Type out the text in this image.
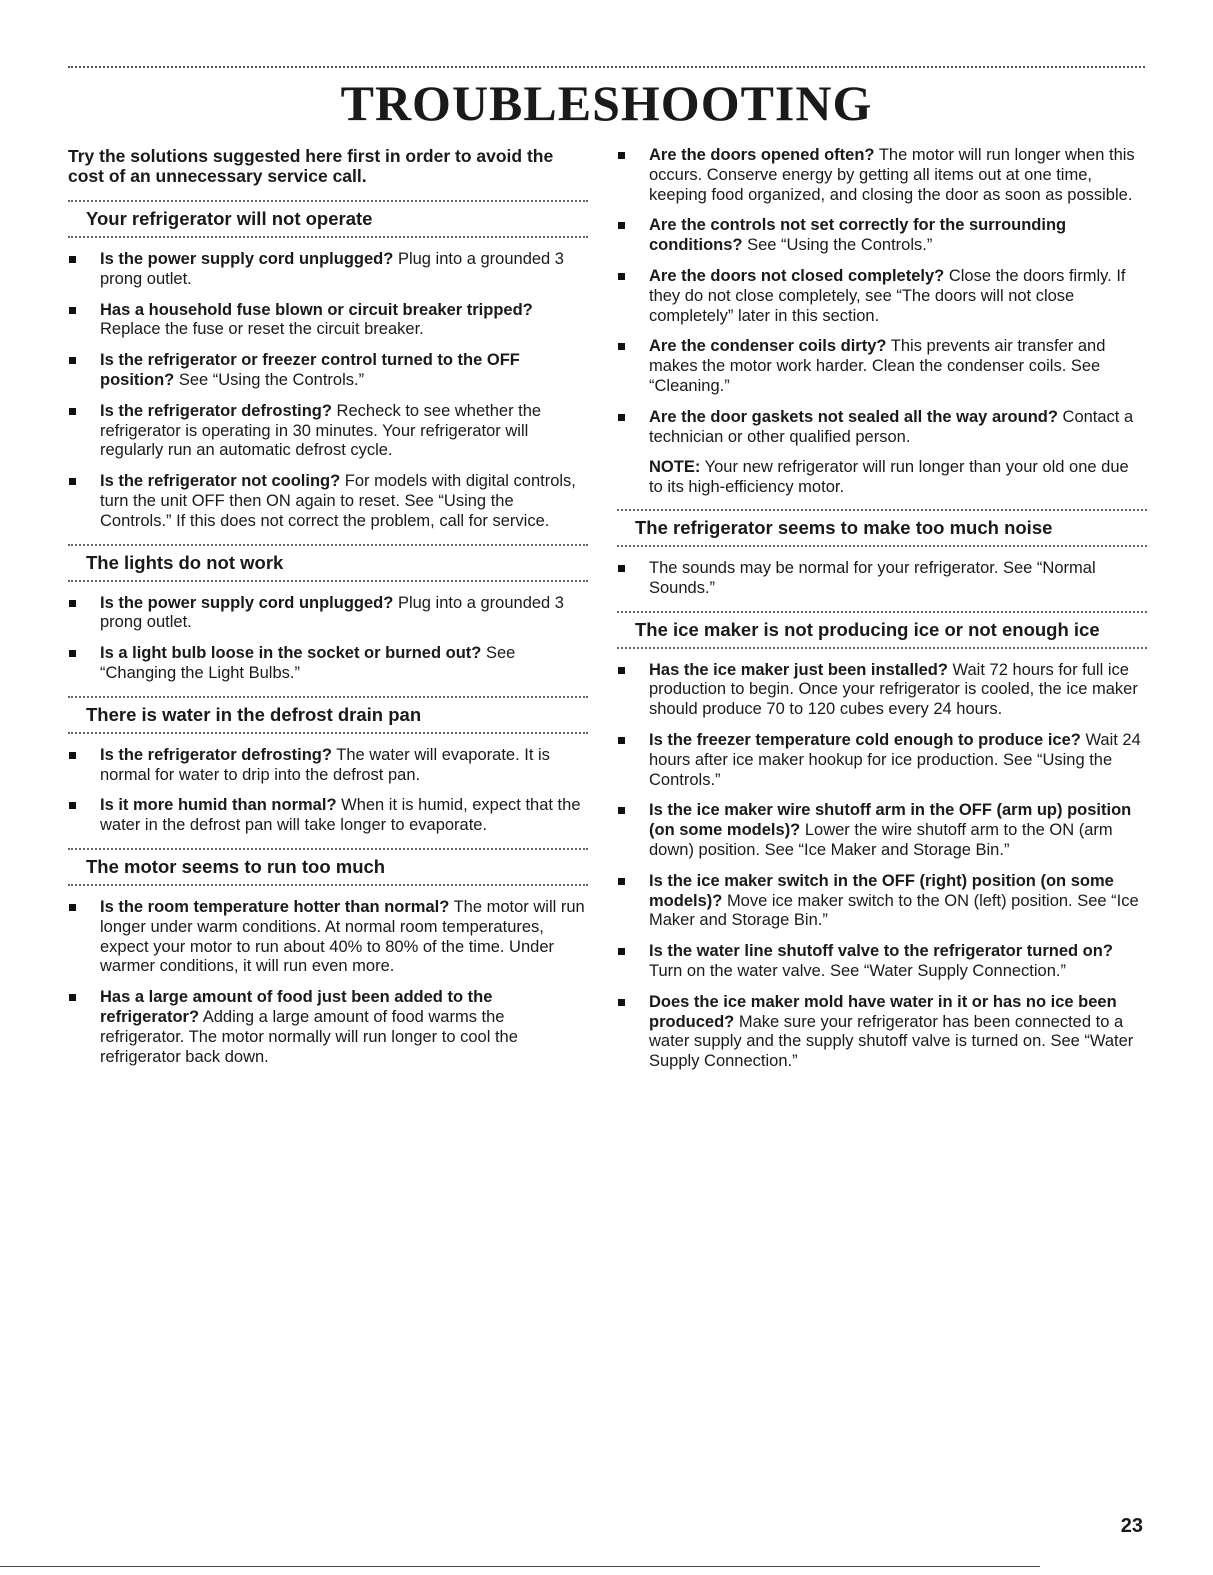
TROUBLESHOOTING

Try the solutions suggested here first in order to avoid the cost of an unnecessary service call.

Your refrigerator will not operate
Is the power supply cord unplugged? Plug into a grounded 3 prong outlet.
Has a household fuse blown or circuit breaker tripped? Replace the fuse or reset the circuit breaker.
Is the refrigerator or freezer control turned to the OFF position? See “Using the Controls.”
Is the refrigerator defrosting? Recheck to see whether the refrigerator is operating in 30 minutes. Your refrigerator will regularly run an automatic defrost cycle.
Is the refrigerator not cooling? For models with digital controls, turn the unit OFF then ON again to reset. See “Using the Controls.” If this does not correct the problem, call for service.
The lights do not work
Is the power supply cord unplugged? Plug into a grounded 3 prong outlet.
Is a light bulb loose in the socket or burned out? See “Changing the Light Bulbs.”
There is water in the defrost drain pan
Is the refrigerator defrosting? The water will evaporate. It is normal for water to drip into the defrost pan.
Is it more humid than normal? When it is humid, expect that the water in the defrost pan will take longer to evaporate.
The motor seems to run too much
Is the room temperature hotter than normal? The motor will run longer under warm conditions. At normal room temperatures, expect your motor to run about 40% to 80% of the time. Under warmer conditions, it will run even more.
Has a large amount of food just been added to the refrigerator? Adding a large amount of food warms the refrigerator. The motor normally will run longer to cool the refrigerator back down.
Are the doors opened often? The motor will run longer when this occurs. Conserve energy by getting all items out at one time, keeping food organized, and closing the door as soon as possible.
Are the controls not set correctly for the surrounding conditions? See “Using the Controls.”
Are the doors not closed completely? Close the doors firmly. If they do not close completely, see “The doors will not close completely” later in this section.
Are the condenser coils dirty? This prevents air transfer and makes the motor work harder. Clean the condenser coils. See “Cleaning.”
Are the door gaskets not sealed all the way around? Contact a technician or other qualified person.

NOTE: Your new refrigerator will run longer than your old one due to its high-efficiency motor.

The refrigerator seems to make too much noise
The sounds may be normal for your refrigerator. See “Normal Sounds.”
The ice maker is not producing ice or not enough ice
Has the ice maker just been installed? Wait 72 hours for full ice production to begin. Once your refrigerator is cooled, the ice maker should produce 70 to 120 cubes every 24 hours.
Is the freezer temperature cold enough to produce ice? Wait 24 hours after ice maker hookup for ice production. See “Using the Controls.”
Is the ice maker wire shutoff arm in the OFF (arm up) position (on some models)? Lower the wire shutoff arm to the ON (arm down) position. See “Ice Maker and Storage Bin.”
Is the ice maker switch in the OFF (right) position (on some models)? Move ice maker switch to the ON (left) position. See “Ice Maker and Storage Bin.”
Is the water line shutoff valve to the refrigerator turned on? Turn on the water valve. See “Water Supply Connection.”
Does the ice maker mold have water in it or has no ice been produced? Make sure your refrigerator has been connected to a water supply and the supply shutoff valve is turned on. See “Water Supply Connection.”
23
